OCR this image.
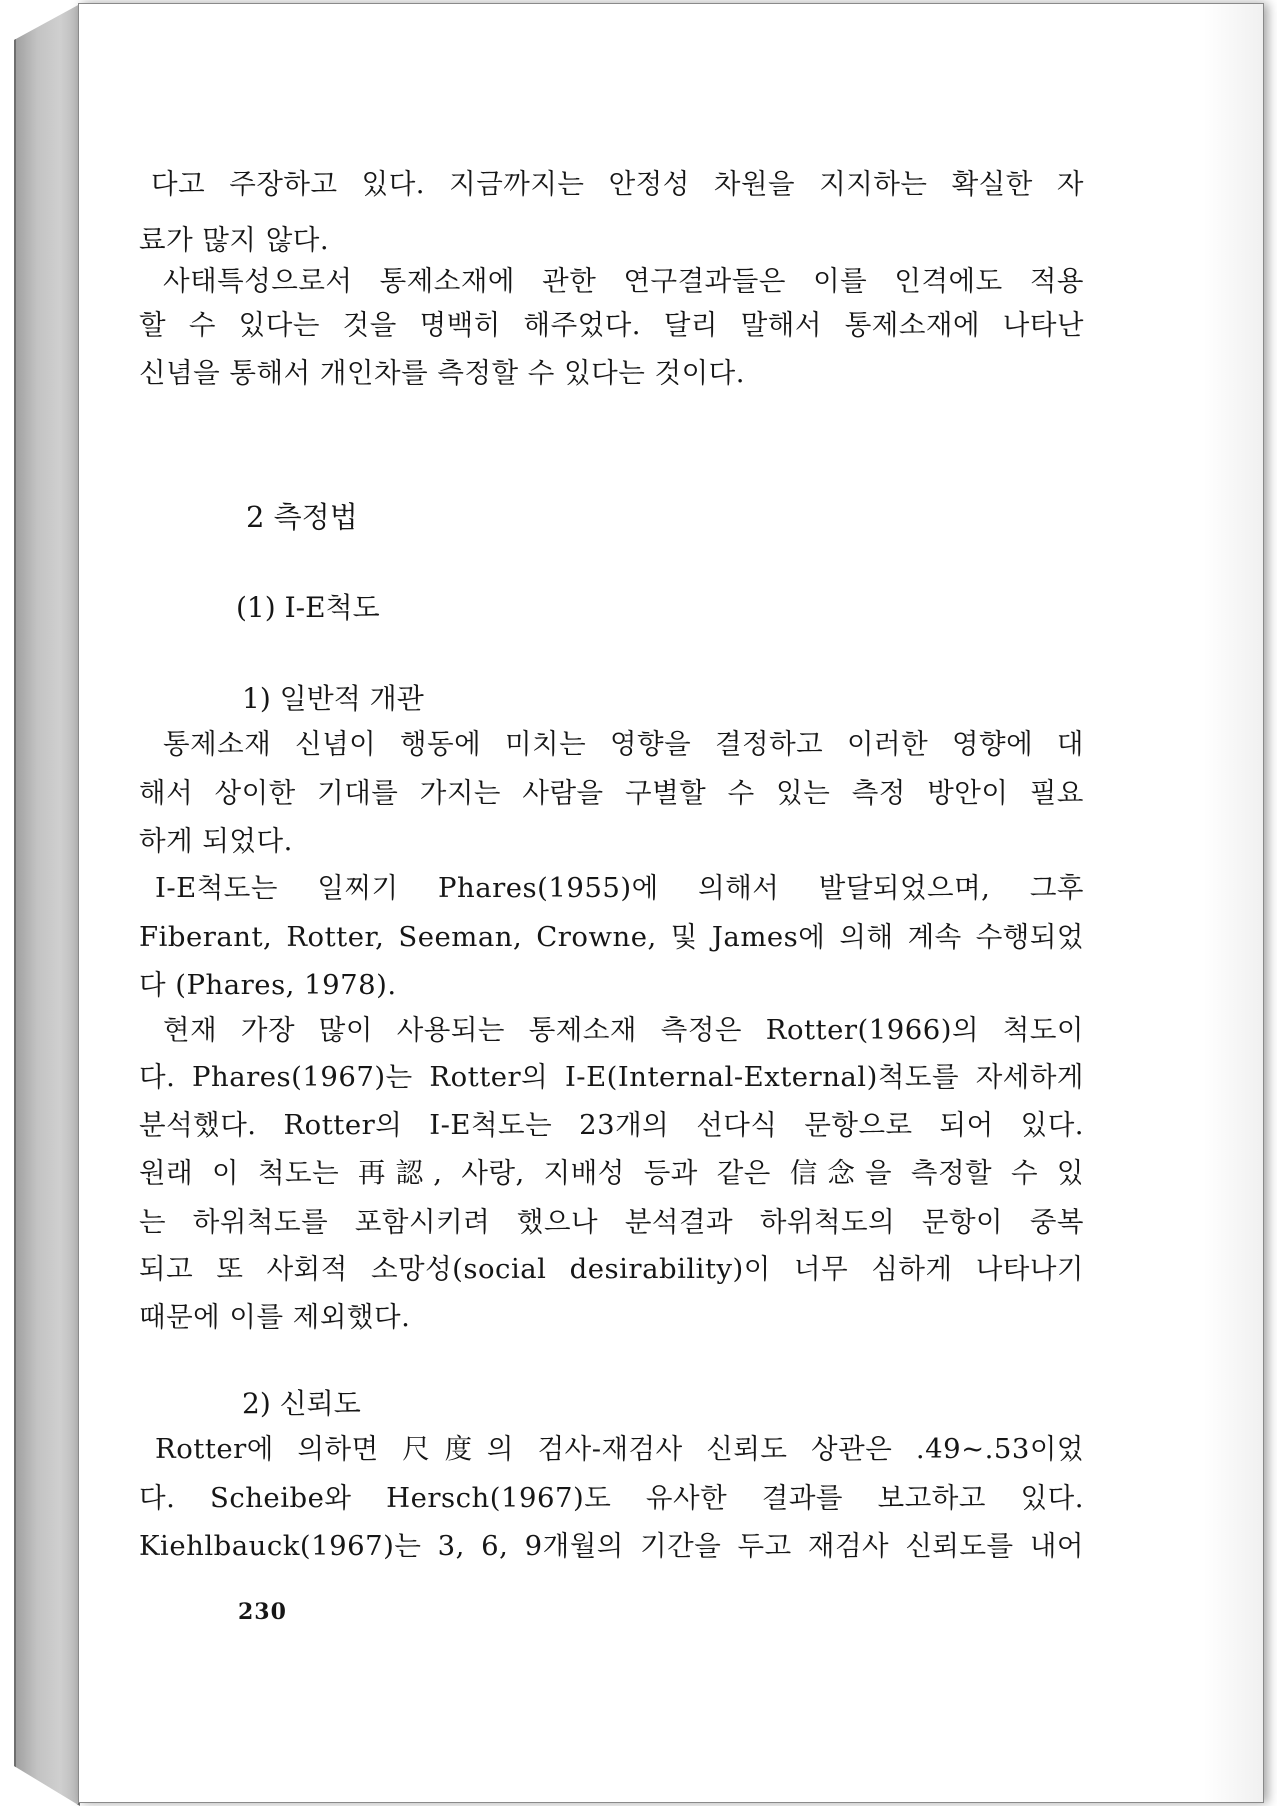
다고 주장하고 있다. 지금까지는 안정성 차원을 지지하는 확실한 자
료가 많지 않다.
사태특성으로서 통제소재에 관한 연구결과들은 이를 인격에도 적용
할 수 있다는 것을 명백히 해주었다. 달리 말해서 통제소재에 나타난
신념을 통해서 개인차를 측정할 수 있다는 것이다.
2 측정법
(1) I-E척도
1) 일반적 개관
통제소재 신념이 행동에 미치는 영향을 결정하고 이러한 영향에 대
해서 상이한 기대를 가지는 사람을 구별할 수 있는 측정 방안이 필요
하게 되었다.
I-E척도는 일찌기 Phares(1955)에 의해서 발달되었으며, 그후
Fiberant, Rotter, Seeman, Crowne, 및 James에 의해 계속 수행되었
다 (Phares, 1978).
현재 가장 많이 사용되는 통제소재 측정은 Rotter(1966)의 척도이
다. Phares(1967)는 Rotter의 I-E(Internal-External)척도를 자세하게
분석했다. Rotter의 I-E척도는 23개의 선다식 문항으로 되어 있다.
원래 이 척도는 再認, 사랑, 지배성 등과 같은 信念을 측정할 수 있
는 하위척도를 포함시키려 했으나 분석결과 하위척도의 문항이 중복
되고 또 사회적 소망성(social desirability)이 너무 심하게 나타나기
때문에 이를 제외했다.
2) 신뢰도
Rotter에 의하면 尺度의 검사-재검사 신뢰도 상관은 .49~.53이었
다. Scheibe와 Hersch(1967)도 유사한 결과를 보고하고 있다.
Kiehlbauck(1967)는 3, 6, 9개월의 기간을 두고 재검사 신뢰도를 내어
230
